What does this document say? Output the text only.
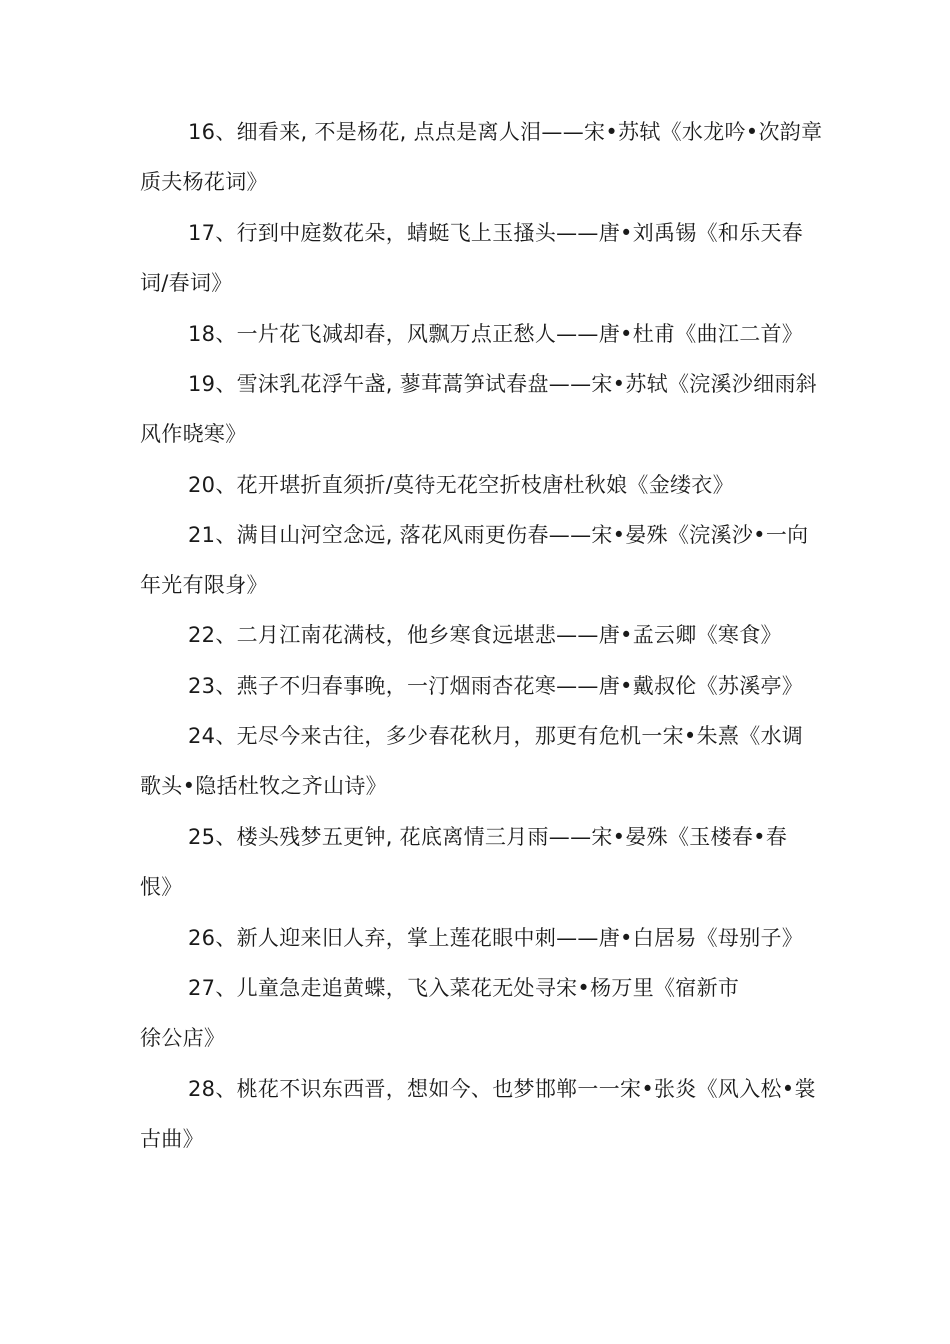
16、细看来, 不是杨花, 点点是离人泪——宋•苏轼《水龙吟•次韵章
质夫杨花词》
17、行到中庭数花朵，蜻蜓飞上玉搔头——唐•刘禹锡《和乐天春
词/春词》
18、一片花飞减却春，风飘万点正愁人——唐•杜甫《曲江二首》
19、雪沫乳花浮午盏, 蓼茸蒿笋试春盘——宋•苏轼《浣溪沙细雨斜
风作晓寒》
20、花开堪折直须折/莫待无花空折枝唐杜秋娘《金缕衣》
21、满目山河空念远, 落花风雨更伤春——宋•晏殊《浣溪沙•一向
年光有限身》
22、二月江南花满枝，他乡寒食远堪悲——唐•孟云卿《寒食》
23、燕子不归春事晚，一汀烟雨杏花寒——唐•戴叔伦《苏溪亭》
24、无尽今来古往，多少春花秋月，那更有危机一宋•朱熹《水调
歌头•隐括杜牧之齐山诗》
25、楼头残梦五更钟, 花底离情三月雨——宋•晏殊《玉楼春•春
恨》
26、新人迎来旧人弃，掌上莲花眼中刺——唐•白居易《母别子》
27、儿童急走追黄蝶，飞入菜花无处寻宋•杨万里《宿新市
徐公店》
28、桃花不识东西晋，想如今、也梦邯郸一一宋•张炎《风入松•裳
古曲》
